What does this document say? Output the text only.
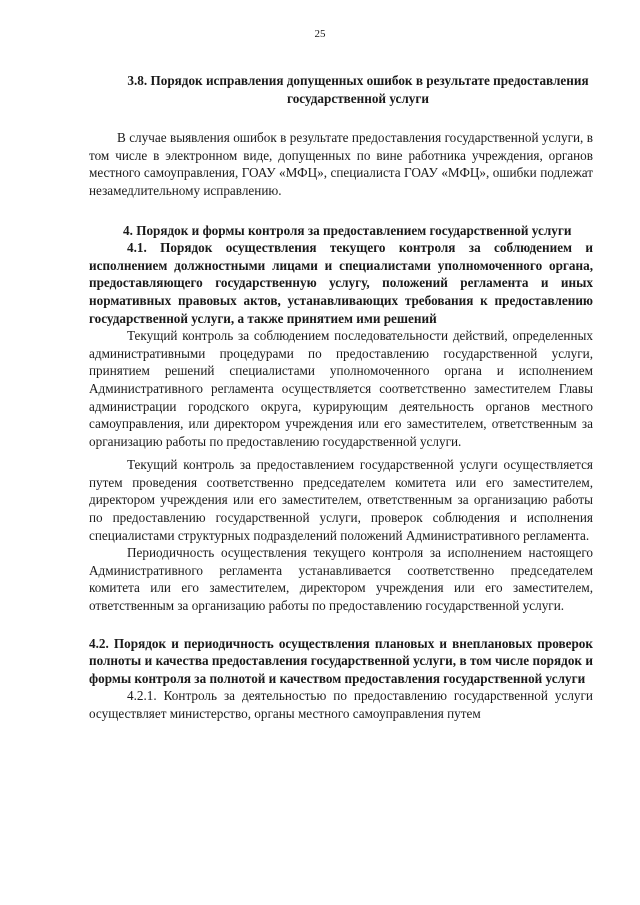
25

3.8. Порядок исправления допущенных ошибок в результате предоставления государственной услуги

В случае выявления ошибок в результате предоставления государственной услуги, в том числе в электронном виде, допущенных по вине работника учреждения, органов местного самоуправления, ГОАУ «МФЦ», специалиста ГОАУ «МФЦ», ошибки подлежат незамедлительному исправлению.

4. Порядок и формы контроля за предоставлением государственной услуги

4.1. Порядок осуществления текущего контроля за соблюдением и исполнением должностными лицами и специалистами уполномоченного органа, предоставляющего государственную услугу, положений регламента и иных нормативных правовых актов, устанавливающих требования к предоставлению государственной услуги, а также принятием ими решений

Текущий контроль за соблюдением последовательности действий, определенных административными процедурами по предоставлению государственной услуги, принятием решений специалистами уполномоченного органа и исполнением Административного регламента осуществляется соответственно заместителем Главы администрации городского округа, курирующим деятельность органов местного самоуправления, или директором учреждения или его заместителем, ответственным за организацию работы по предоставлению государственной услуги.

Текущий контроль за предоставлением государственной услуги осуществляется путем проведения соответственно председателем комитета или его заместителем, директором учреждения или его заместителем, ответственным за организацию работы по предоставлению государственной услуги, проверок соблюдения и исполнения специалистами структурных подразделений положений Административного регламента.

Периодичность осуществления текущего контроля за исполнением настоящего Административного регламента устанавливается соответственно председателем комитета или его заместителем, директором учреждения или его заместителем, ответственным за организацию работы по предоставлению государственной услуги.

4.2. Порядок и периодичность осуществления плановых и внеплановых проверок полноты и качества предоставления государственной услуги, в том числе порядок и формы контроля за полнотой и качеством предоставления государственной услуги

4.2.1. Контроль за деятельностью по предоставлению государственной услуги осуществляет министерство, органы местного самоуправления путем
